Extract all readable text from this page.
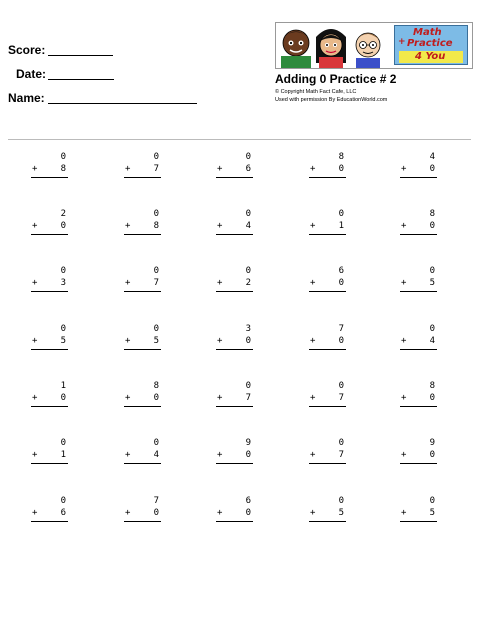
Score:
Date:
Name:
Math
+ Practice
4 You
Adding 0 Practice # 2
© Copyright Math Fact Cafe, LLC
Used with permission By EducationWorld.com
0
+	8
0
+	7
0
+	6
8
+	0
4
+	0
2
+	0
0
+	8
0
+	4
0
+	1
8
+	0
0
+	3
0
+	7
0
+	2
6
+	0
0
+	5
0
+	5
0
+	5
3
+	0
7
+	0
0
+	4
1
+	0
8
+	0
0
+	7
0
+	7
8
+	0
0
+	1
0
+	4
9
+	0
0
+	7
9
+	0
0
+	6
7
+	0
6
+	0
0
+	5
0
+	5
